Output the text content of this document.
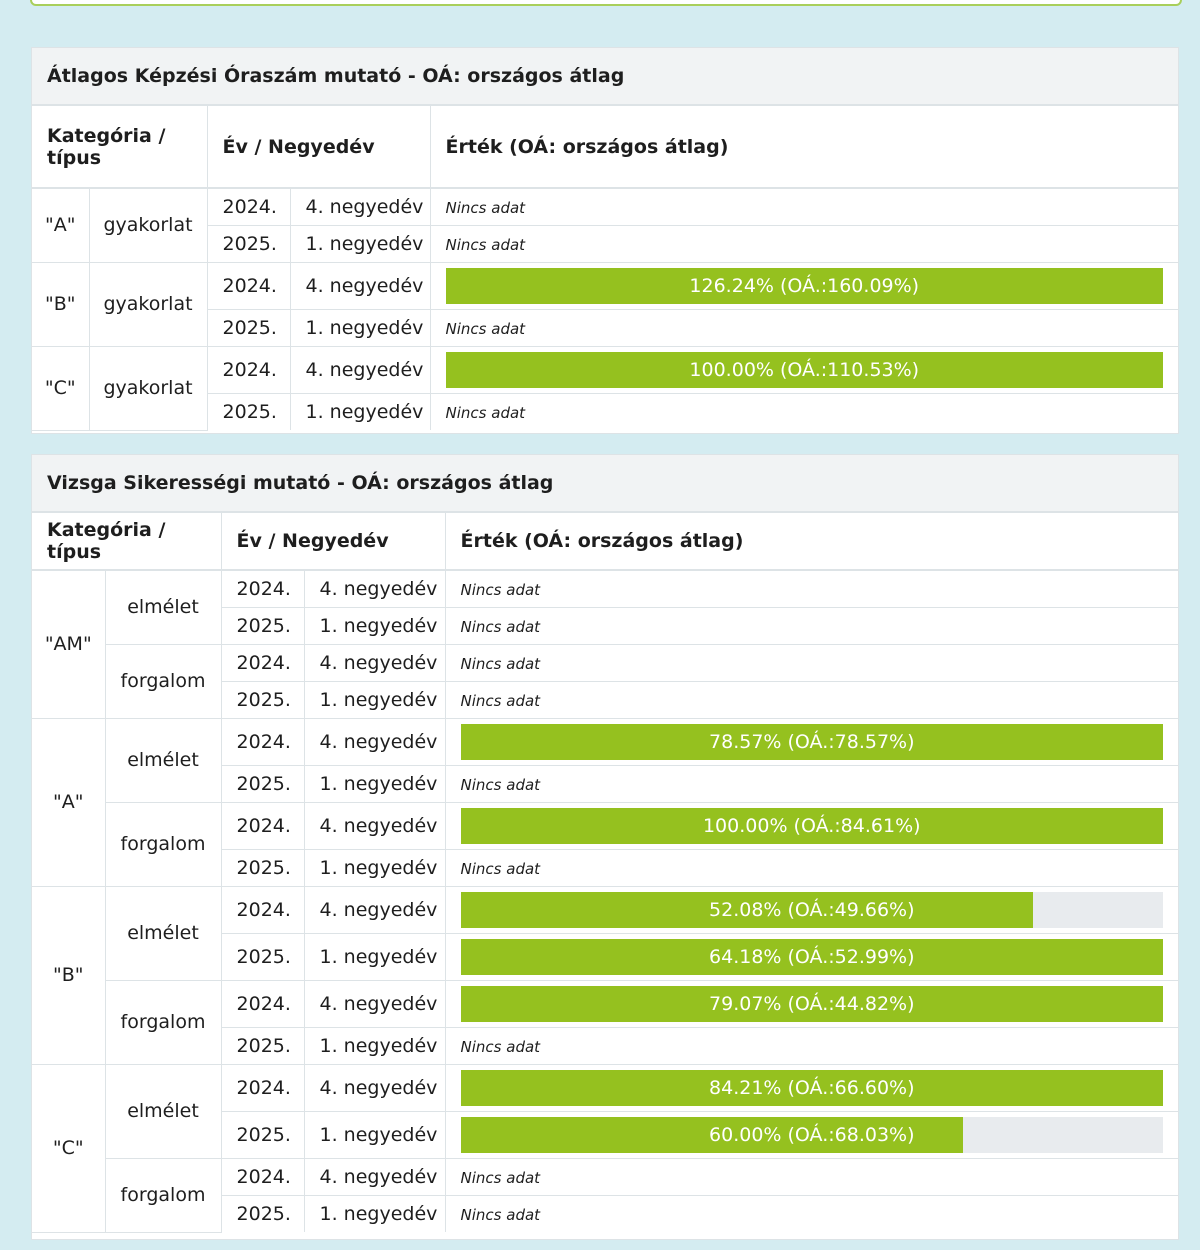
Átlagos Képzési Óraszám mutató - OÁ: országos átlag
Kategória / típus		Év / Negyedév		Érték (OÁ: országos átlag)
"A"	gyakorlat	2024.	4. negyedév	Nincs adat
		2025.	1. negyedév	Nincs adat
"B"	gyakorlat	2024.	4. negyedév	126.24% (OÁ.:160.09%)

		2025.	1. negyedév	Nincs adat
"C"	gyakorlat	2024.	4. negyedév	100.00% (OÁ.:110.53%)

		2025.	1. negyedév	Nincs adat
Vizsga Sikerességi mutató - OÁ: országos átlag
Kategória / típus		Év / Negyedév		Érték (OÁ: országos átlag)
"AM"	elmélet	2024.	4. negyedév	Nincs adat
		2025.	1. negyedév	Nincs adat
	forgalom	2024.	4. negyedév	Nincs adat
		2025.	1. negyedév	Nincs adat
"A"	elmélet	2024.	4. negyedév	78.57% (OÁ.:78.57%)

		2025.	1. negyedév	Nincs adat
	forgalom	2024.	4. negyedév	100.00% (OÁ.:84.61%)

		2025.	1. negyedév	Nincs adat
"B"	elmélet	2024.	4. negyedév	52.08% (OÁ.:49.66%)

		2025.	1. negyedév	64.18% (OÁ.:52.99%)

	forgalom	2024.	4. negyedév	79.07% (OÁ.:44.82%)

		2025.	1. negyedév	Nincs adat
"C"	elmélet	2024.	4. negyedév	84.21% (OÁ.:66.60%)

		2025.	1. negyedév	60.00% (OÁ.:68.03%)

	forgalom	2024.	4. negyedév	Nincs adat
		2025.	1. negyedév	Nincs adat
